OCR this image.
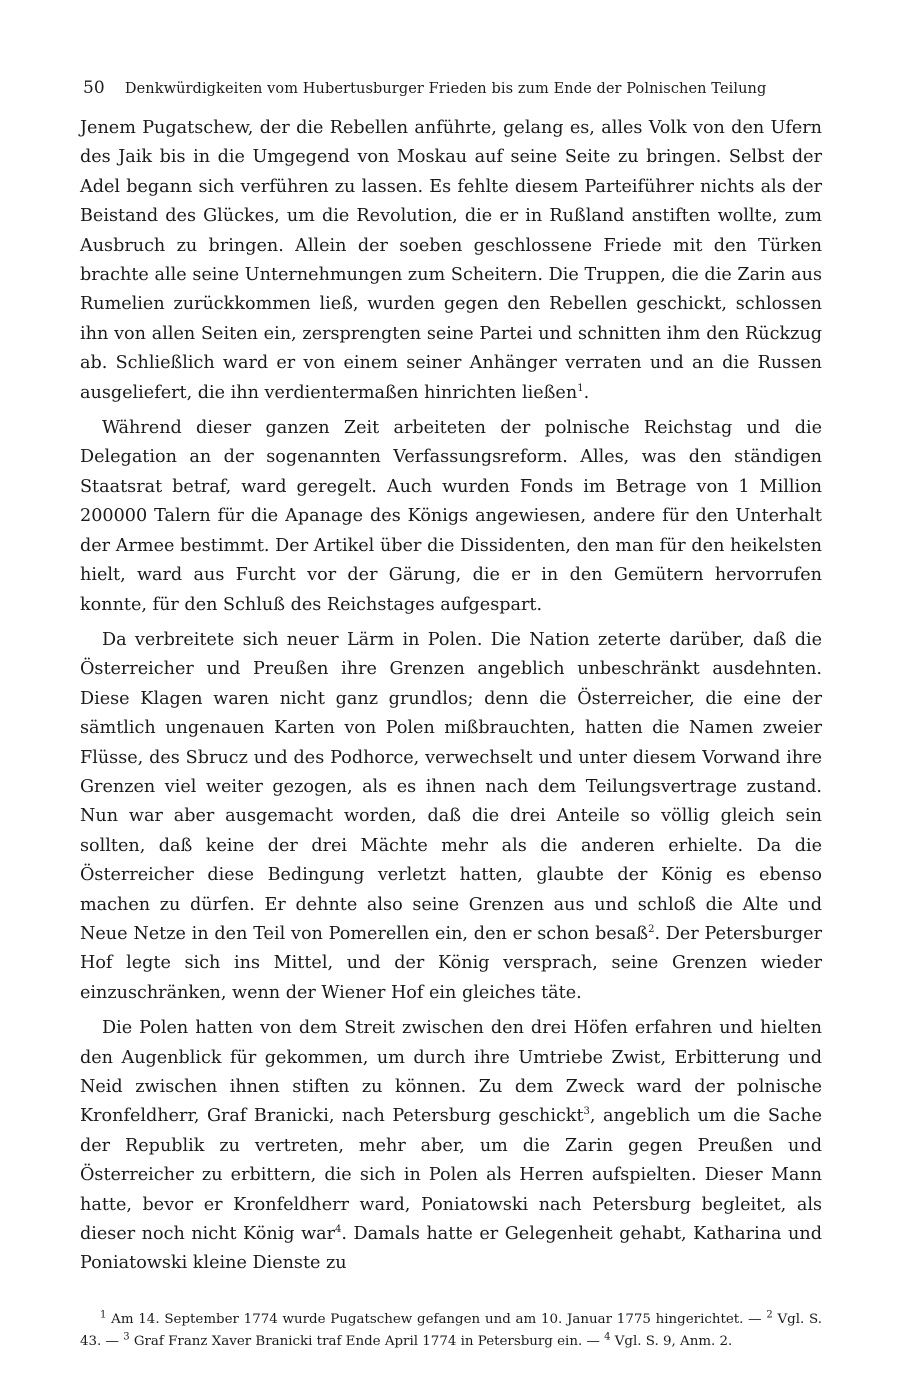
50 Denkwürdigkeiten vom Hubertusburger Frieden bis zum Ende der Polnischen Teilung

Jenem Pugatschew, der die Rebellen anführte, gelang es, alles Volk von den Ufern des Jaik bis in die Umgegend von Moskau auf seine Seite zu bringen. Selbst der Adel begann sich verführen zu lassen. Es fehlte diesem Parteiführer nichts als der Beistand des Glückes, um die Revolution, die er in Rußland anstiften wollte, zum Ausbruch zu bringen. Allein der soeben geschlossene Friede mit den Türken brachte alle seine Unternehmungen zum Scheitern. Die Truppen, die die Zarin aus Rumelien zurückkommen ließ, wurden gegen den Rebellen geschickt, schlossen ihn von allen Seiten ein, zersprengten seine Partei und schnitten ihm den Rückzug ab. Schließlich ward er von einem seiner Anhänger verraten und an die Russen ausgeliefert, die ihn verdientermaßen hinrichten ließen$^1$.

Während dieser ganzen Zeit arbeiteten der polnische Reichstag und die Delegation an der sogenannten Verfassungsreform. Alles, was den ständigen Staatsrat betraf, ward geregelt. Auch wurden Fonds im Betrage von 1 Million 200000 Talern für die Apanage des Königs angewiesen, andere für den Unterhalt der Armee bestimmt. Der Artikel über die Dissidenten, den man für den heikelsten hielt, ward aus Furcht vor der Gärung, die er in den Gemütern hervorrufen konnte, für den Schluß des Reichstages aufgespart.

Da verbreitete sich neuer Lärm in Polen. Die Nation zeterte darüber, daß die Österreicher und Preußen ihre Grenzen angeblich unbeschränkt ausdehnten. Diese Klagen waren nicht ganz grundlos; denn die Österreicher, die eine der sämtlich ungenauen Karten von Polen mißbrauchten, hatten die Namen zweier Flüsse, des Sbrucz und des Podhorce, verwechselt und unter diesem Vorwand ihre Grenzen viel weiter gezogen, als es ihnen nach dem Teilungsvertrage zustand. Nun war aber ausgemacht worden, daß die drei Anteile so völlig gleich sein sollten, daß keine der drei Mächte mehr als die anderen erhielte. Da die Österreicher diese Bedingung verletzt hatten, glaubte der König es ebenso machen zu dürfen. Er dehnte also seine Grenzen aus und schloß die Alte und Neue Netze in den Teil von Pomerellen ein, den er schon besaß$^2$. Der Petersburger Hof legte sich ins Mittel, und der König versprach, seine Grenzen wieder einzuschränken, wenn der Wiener Hof ein gleiches täte.

Die Polen hatten von dem Streit zwischen den drei Höfen erfahren und hielten den Augenblick für gekommen, um durch ihre Umtriebe Zwist, Erbitterung und Neid zwischen ihnen stiften zu können. Zu dem Zweck ward der polnische Kronfeldherr, Graf Branicki, nach Petersburg geschickt$^3$, angeblich um die Sache der Republik zu vertreten, mehr aber, um die Zarin gegen Preußen und Österreicher zu erbittern, die sich in Polen als Herren aufspielten. Dieser Mann hatte, bevor er Kronfeldherr ward, Poniatowski nach Petersburg begleitet, als dieser noch nicht König war$^4$. Damals hatte er Gelegenheit gehabt, Katharina und Poniatowski kleine Dienste zu

$^1$ Am 14. September 1774 wurde Pugatschew gefangen und am 10. Januar 1775 hingerichtet. — $^2$ Vgl. S. 43. — $^3$ Graf Franz Xaver Branicki traf Ende April 1774 in Petersburg ein. — $^4$ Vgl. S. 9, Anm. 2.
